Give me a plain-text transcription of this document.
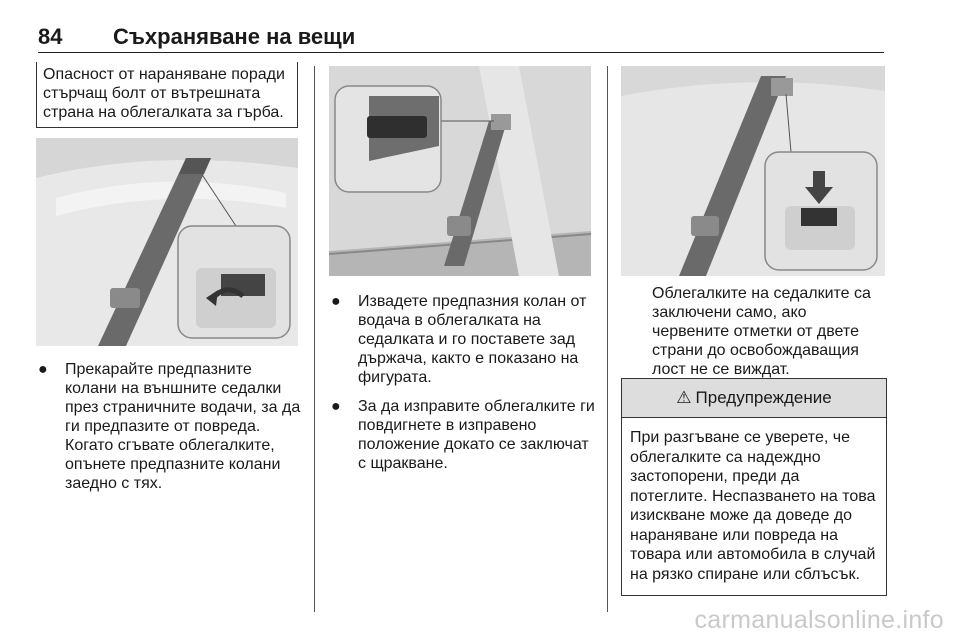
84 Съхраняване на вещи
Опасност от нараняване поради стърчащ болт от вътрешната страна на облегалката за гърба.
● Прекарайте предпазните колани на външните седалки през страничните водачи, за да ги предпазите от повреда. Когато сгъвате облегалките, опънете предпазните колани заедно с тях.
● Извадете предпазния колан от водача в облегалката на седалката и го поставете зад държача, както е показано на фигурата.
● За да изправите облегалките ги повдигнете в изправено положение докато се заключат с щракване.
Облегалките на седалките са заключени само, ако червените отметки от двете страни до освобождаващия лост не се виждат.
⚠ Предупреждение
При разгъване се уверете, че облегалките са надеждно застопорени, преди да потеглите. Неспазването на това изискване може да доведе до нараняване или повреда на товара или автомобила в случай на рязко спиране или сблъсък.
carmanualsonline.info
